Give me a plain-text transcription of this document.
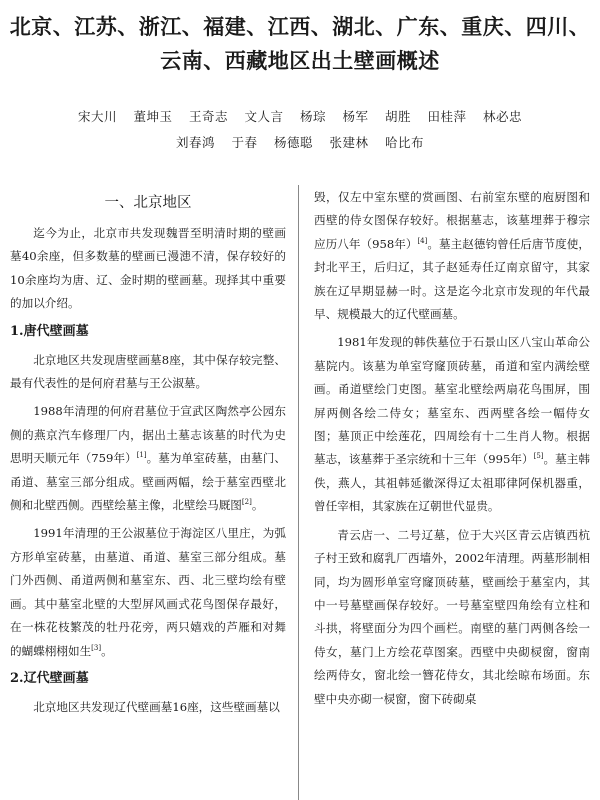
北京、江苏、浙江、福建、江西、湖北、广东、重庆、四川、
云南、西藏地区出土壁画概述
宋大川 董坤玉 王奇志 文人言 杨琮 杨军 胡胜 田桂萍 林必忠
刘春鸿 于春 杨德聪 张建林 哈比布
一、北京地区

迄今为止，北京市共发现魏晋至明清时期的壁画墓40余座，但多数墓的壁画已漫漶不清，保存较好的10余座均为唐、辽、金时期的壁画墓。现择其中重要的加以介绍。

1.唐代壁画墓

北京地区共发现唐壁画墓8座，其中保存较完整、最有代表性的是何府君墓与王公淑墓。

1988年清理的何府君墓位于宣武区陶然亭公园东侧的燕京汽车修理厂内，据出土墓志该墓的时代为史思明天顺元年（759年）[1]。墓为单室砖墓，由墓门、甬道、墓室三部分组成。壁画两幅，绘于墓室西壁北侧和北壁西侧。西壁绘墓主像，北壁绘马厩图[2]。

1991年清理的王公淑墓位于海淀区八里庄，为弧方形单室砖墓，由墓道、甬道、墓室三部分组成。墓门外西侧、甬道两侧和墓室东、西、北三壁均绘有壁画。其中墓室北壁的大型屏风画式花鸟图保存最好，在一株花枝繁茂的牡丹花旁，两只嬉戏的芦雁和对舞的蝴蝶栩栩如生[3]。

2.辽代壁画墓

北京地区共发现辽代壁画墓16座，这些壁画墓以

毁，仅左中室东壁的赏画图、右前室东壁的庖厨图和西壁的侍女图保存较好。根据墓志，该墓埋葬于穆宗应历八年（958年）[4]。墓主赵德钧曾任后唐节度使，封北平王，后归辽，其子赵延寿任辽南京留守，其家族在辽早期显赫一时。这是迄今北京市发现的年代最早、规模最大的辽代壁画墓。

1981年发现的韩佚墓位于石景山区八宝山革命公墓院内。该墓为单室穹窿顶砖墓，甬道和室内满绘壁画。甬道壁绘门吏图。墓室北壁绘两扇花鸟围屏，围屏两侧各绘二侍女；墓室东、西两壁各绘一幅侍女图；墓顶正中绘莲花，四周绘有十二生肖人物。根据墓志，该墓葬于圣宗统和十三年（995年）[5]。墓主韩佚，燕人，其祖韩延徽深得辽太祖耶律阿保机器重，曾任宰相，其家族在辽朝世代显贵。

青云店一、二号辽墓，位于大兴区青云店镇西杭子村王致和腐乳厂西墙外，2002年清理。两墓形制相同，均为圆形单室穹窿顶砖墓，壁画绘于墓室内，其中一号墓壁画保存较好。一号墓室壁四角绘有立柱和斗拱，将壁面分为四个画栏。南壁的墓门两侧各绘一侍女，墓门上方绘花草图案。西壁中央砌棂窗，窗南绘两侍女，窗北绘一簪花侍女，其北绘晾布场面。东壁中央亦砌一棂窗，窗下砖砌桌
